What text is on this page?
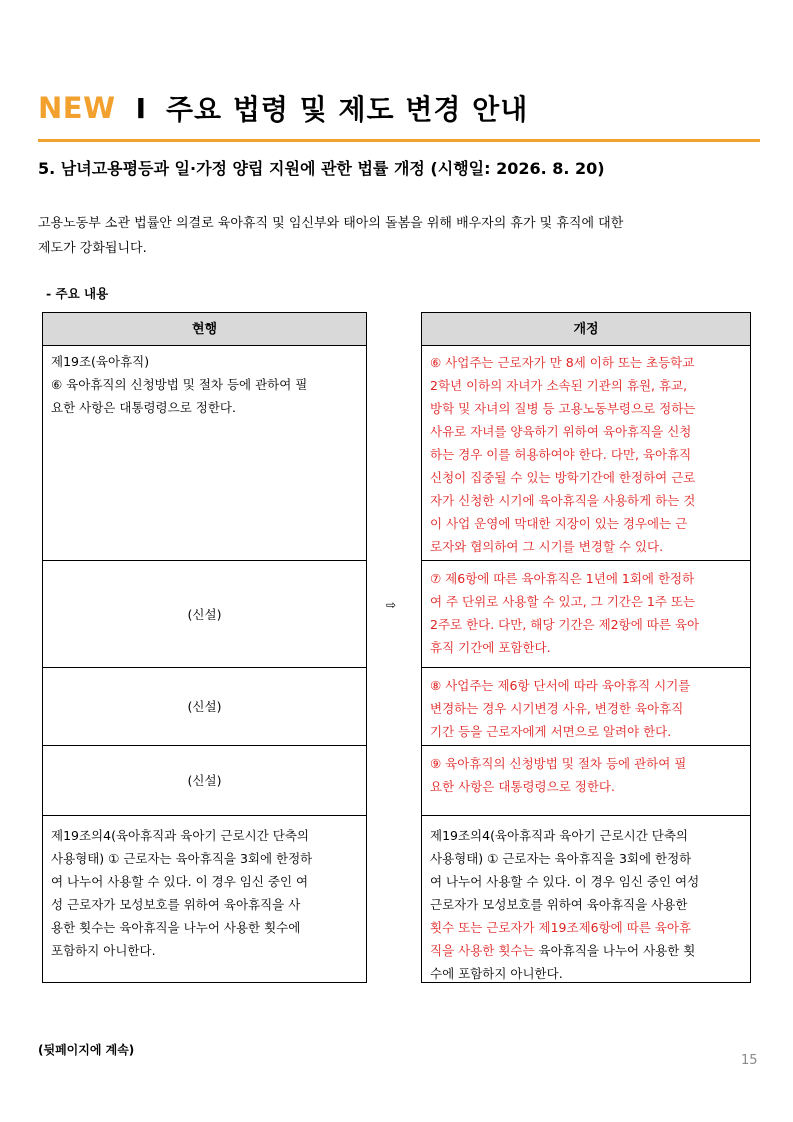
NEW I 주요 법령 및 제도 변경 안내
5. 남녀고용평등과 일·가정 양립 지원에 관한 법률 개정 (시행일: 2026. 8. 20)
고용노동부 소관 법률안 의결로 육아휴직 및 임신부와 태아의 돌봄을 위해 배우자의 휴가 및 휴직에 대한
제도가 강화됩니다.
- 주요 내용
현행
제19조(육아휴직)
⑥ 육아휴직의 신청방법 및 절차 등에 관하여 필
요한 사항은 대통령령으로 정한다.
(신설)
(신설)
(신설)
제19조의4(육아휴직과 육아기 근로시간 단축의
사용형태) ① 근로자는 육아휴직을 3회에 한정하
여 나누어 사용할 수 있다. 이 경우 임신 중인 여
성 근로자가 모성보호를 위하여 육아휴직을 사
용한 횟수는 육아휴직을 나누어 사용한 횟수에
포함하지 아니한다.
⇨
개정
⑥ 사업주는 근로자가 만 8세 이하 또는 초등학교
2학년 이하의 자녀가 소속된 기관의 휴원, 휴교,
방학 및 자녀의 질병 등 고용노동부령으로 정하는
사유로 자녀를 양육하기 위하여 육아휴직을 신청
하는 경우 이를 허용하여야 한다. 다만, 육아휴직
신청이 집중될 수 있는 방학기간에 한정하여 근로
자가 신청한 시기에 육아휴직을 사용하게 하는 것
이 사업 운영에 막대한 지장이 있는 경우에는 근
로자와 협의하여 그 시기를 변경할 수 있다.
⑦ 제6항에 따른 육아휴직은 1년에 1회에 한정하
여 주 단위로 사용할 수 있고, 그 기간은 1주 또는
2주로 한다. 다만, 해당 기간은 제2항에 따른 육아
휴직 기간에 포함한다.
⑧ 사업주는 제6항 단서에 따라 육아휴직 시기를
변경하는 경우 시기변경 사유, 변경한 육아휴직
기간 등을 근로자에게 서면으로 알려야 한다.
⑨ 육아휴직의 신청방법 및 절차 등에 관하여 필
요한 사항은 대통령령으로 정한다.
제19조의4(육아휴직과 육아기 근로시간 단축의
사용형태) ① 근로자는 육아휴직을 3회에 한정하
여 나누어 사용할 수 있다. 이 경우 임신 중인 여성
근로자가 모성보호를 위하여 육아휴직을 사용한
횟수 또는 근로자가 제19조제6항에 따른 육아휴
직을 사용한 횟수는 육아휴직을 나누어 사용한 횟
수에 포함하지 아니한다.
(뒷페이지에 계속)
15
